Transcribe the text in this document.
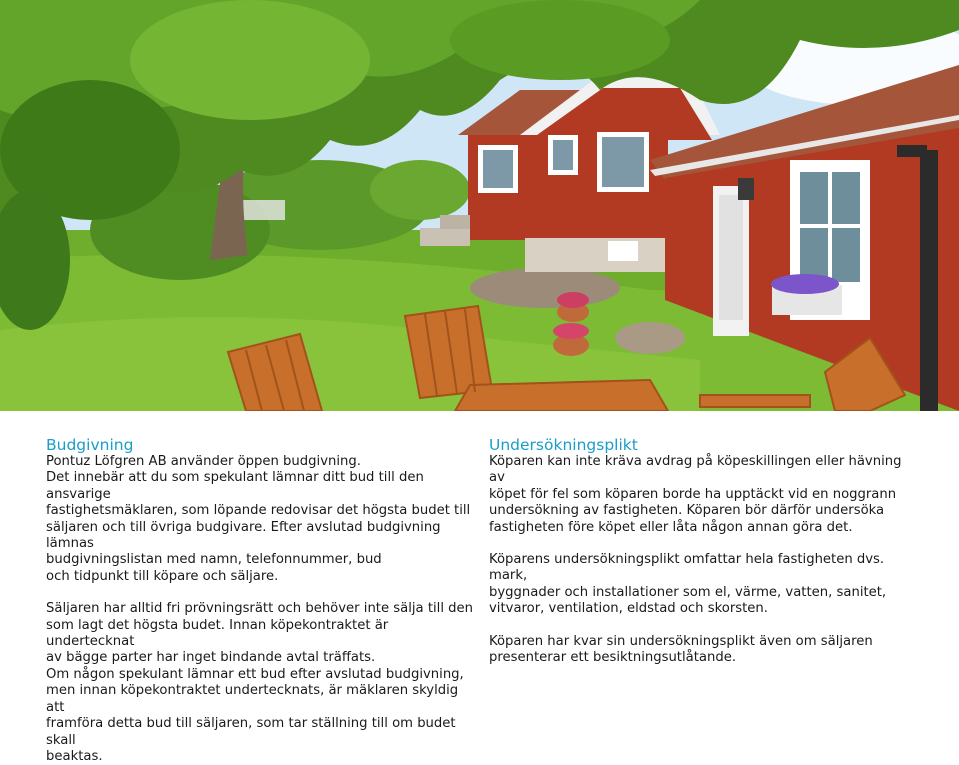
Budgivning

Pontuz Löfgren AB använder öppen budgivning.
Det innebär att du som spekulant lämnar ditt bud till den ansvarige
fastighetsmäklaren, som löpande redovisar det högsta budet till
säljaren och till övriga budgivare. Efter avslutad budgivning lämnas
budgivningslistan med namn, telefonnummer, bud
och tidpunkt till köpare och säljare.

Säljaren har alltid fri prövningsrätt och behöver inte sälja till den
som lagt det högsta budet. Innan köpekontraktet är undertecknat
av bägge parter har inget bindande avtal träffats.
Om någon spekulant lämnar ett bud efter avslutad budgivning,
men innan köpekontraktet undertecknats, är mäklaren skyldig att
framföra detta bud till säljaren, som tar ställning till om budet skall
beaktas.

Undersökningsplikt

Köparen kan inte kräva avdrag på köpeskillingen eller hävning av
köpet för fel som köparen borde ha upptäckt vid en noggrann
undersökning av fastigheten. Köparen bör därför undersöka
fastigheten före köpet eller låta någon annan göra det.

Köparens undersökningsplikt omfattar hela fastigheten dvs. mark,
byggnader och installationer som el, värme, vatten, sanitet,
vitvaror, ventilation, eldstad och skorsten.

Köparen har kvar sin undersökningsplikt även om säljaren
presenterar ett besiktningsutlåtande.
